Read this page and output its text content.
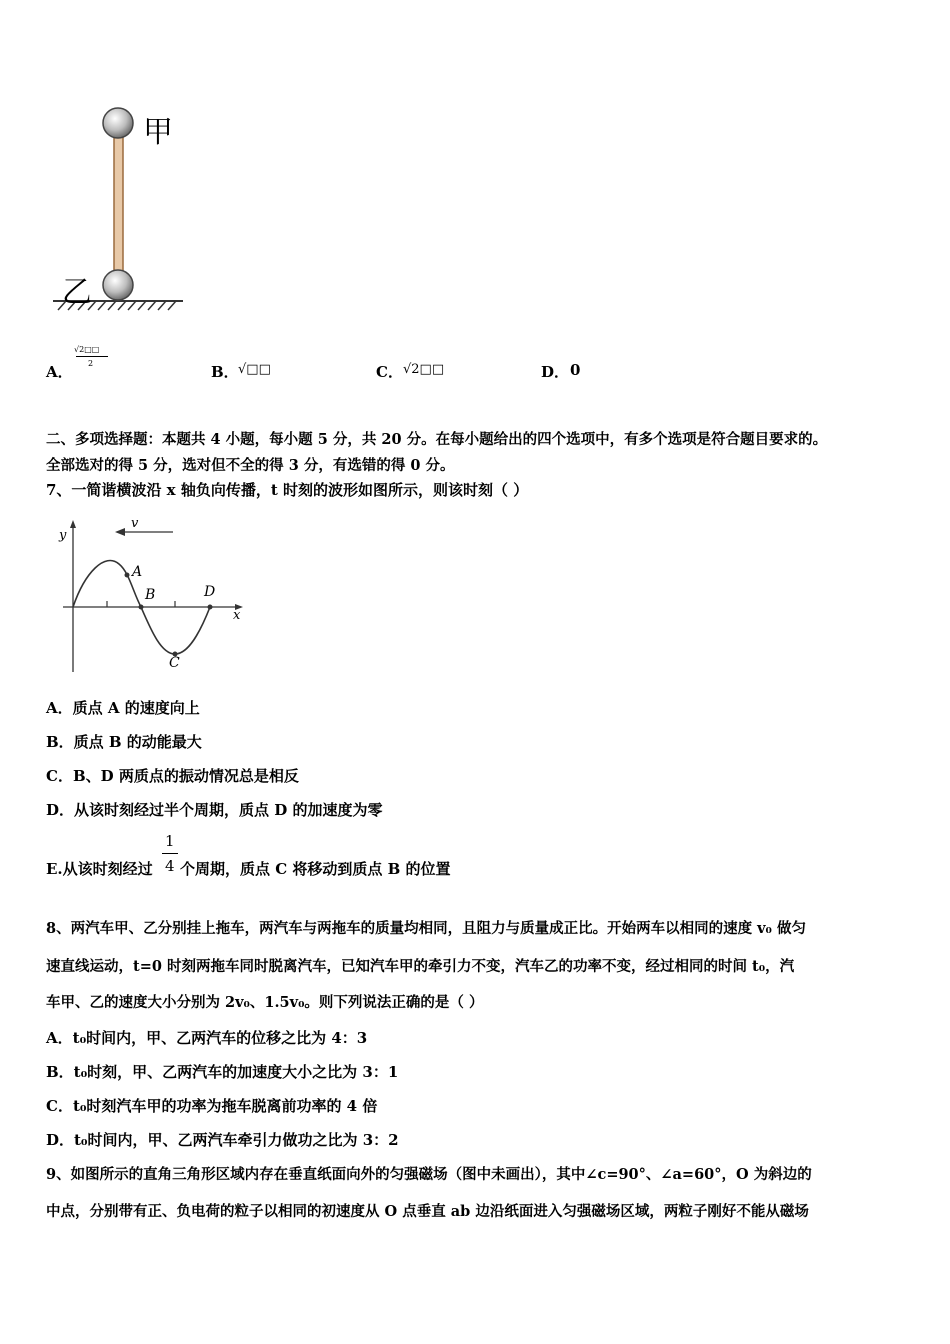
甲
乙
A．
√2□□
2	B． √□□	C． √2□□	D． 0
二、多项选择题：本题共 4 小题，每小题 5 分，共 20 分。在每小题给出的四个选项中，有多个选项是符合题目要求的。
全部选对的得 5 分，选对但不全的得 3 分，有选错的得 0 分。
7、一简谐横波沿 x 轴负向传播，t 时刻的波形如图所示，则该时刻（ ）
v
y
x
A
B
C
D
A．质点 A 的速度向上
B．质点 B 的动能最大
C．B、D 两质点的振动情况总是相反
D．从该时刻经过半个周期，质点 D 的加速度为零
E.从该时刻经过
1
4 个周期，质点 C 将移动到质点 B 的位置
8、两汽车甲、乙分别挂上拖车，两汽车与两拖车的质量均相同，且阻力与质量成正比。开始两车以相同的速度 v₀ 做匀
速直线运动，t=0 时刻两拖车同时脱离汽车，已知汽车甲的牵引力不变，汽车乙的功率不变，经过相同的时间 t₀，汽
车甲、乙的速度大小分别为 2v₀、1.5v₀。则下列说法正确的是（ ）
A．t₀时间内，甲、乙两汽车的位移之比为 4：3
B．t₀时刻，甲、乙两汽车的加速度大小之比为 3：1
C．t₀时刻汽车甲的功率为拖车脱离前功率的 4 倍
D．t₀时间内，甲、乙两汽车牵引力做功之比为 3：2
9、如图所示的直角三角形区域内存在垂直纸面向外的匀强磁场（图中未画出），其中∠c=90°、∠a=60°，O 为斜边的
中点，分别带有正、负电荷的粒子以相同的初速度从 O 点垂直 ab 边沿纸面进入匀强磁场区域，两粒子刚好不能从磁场
